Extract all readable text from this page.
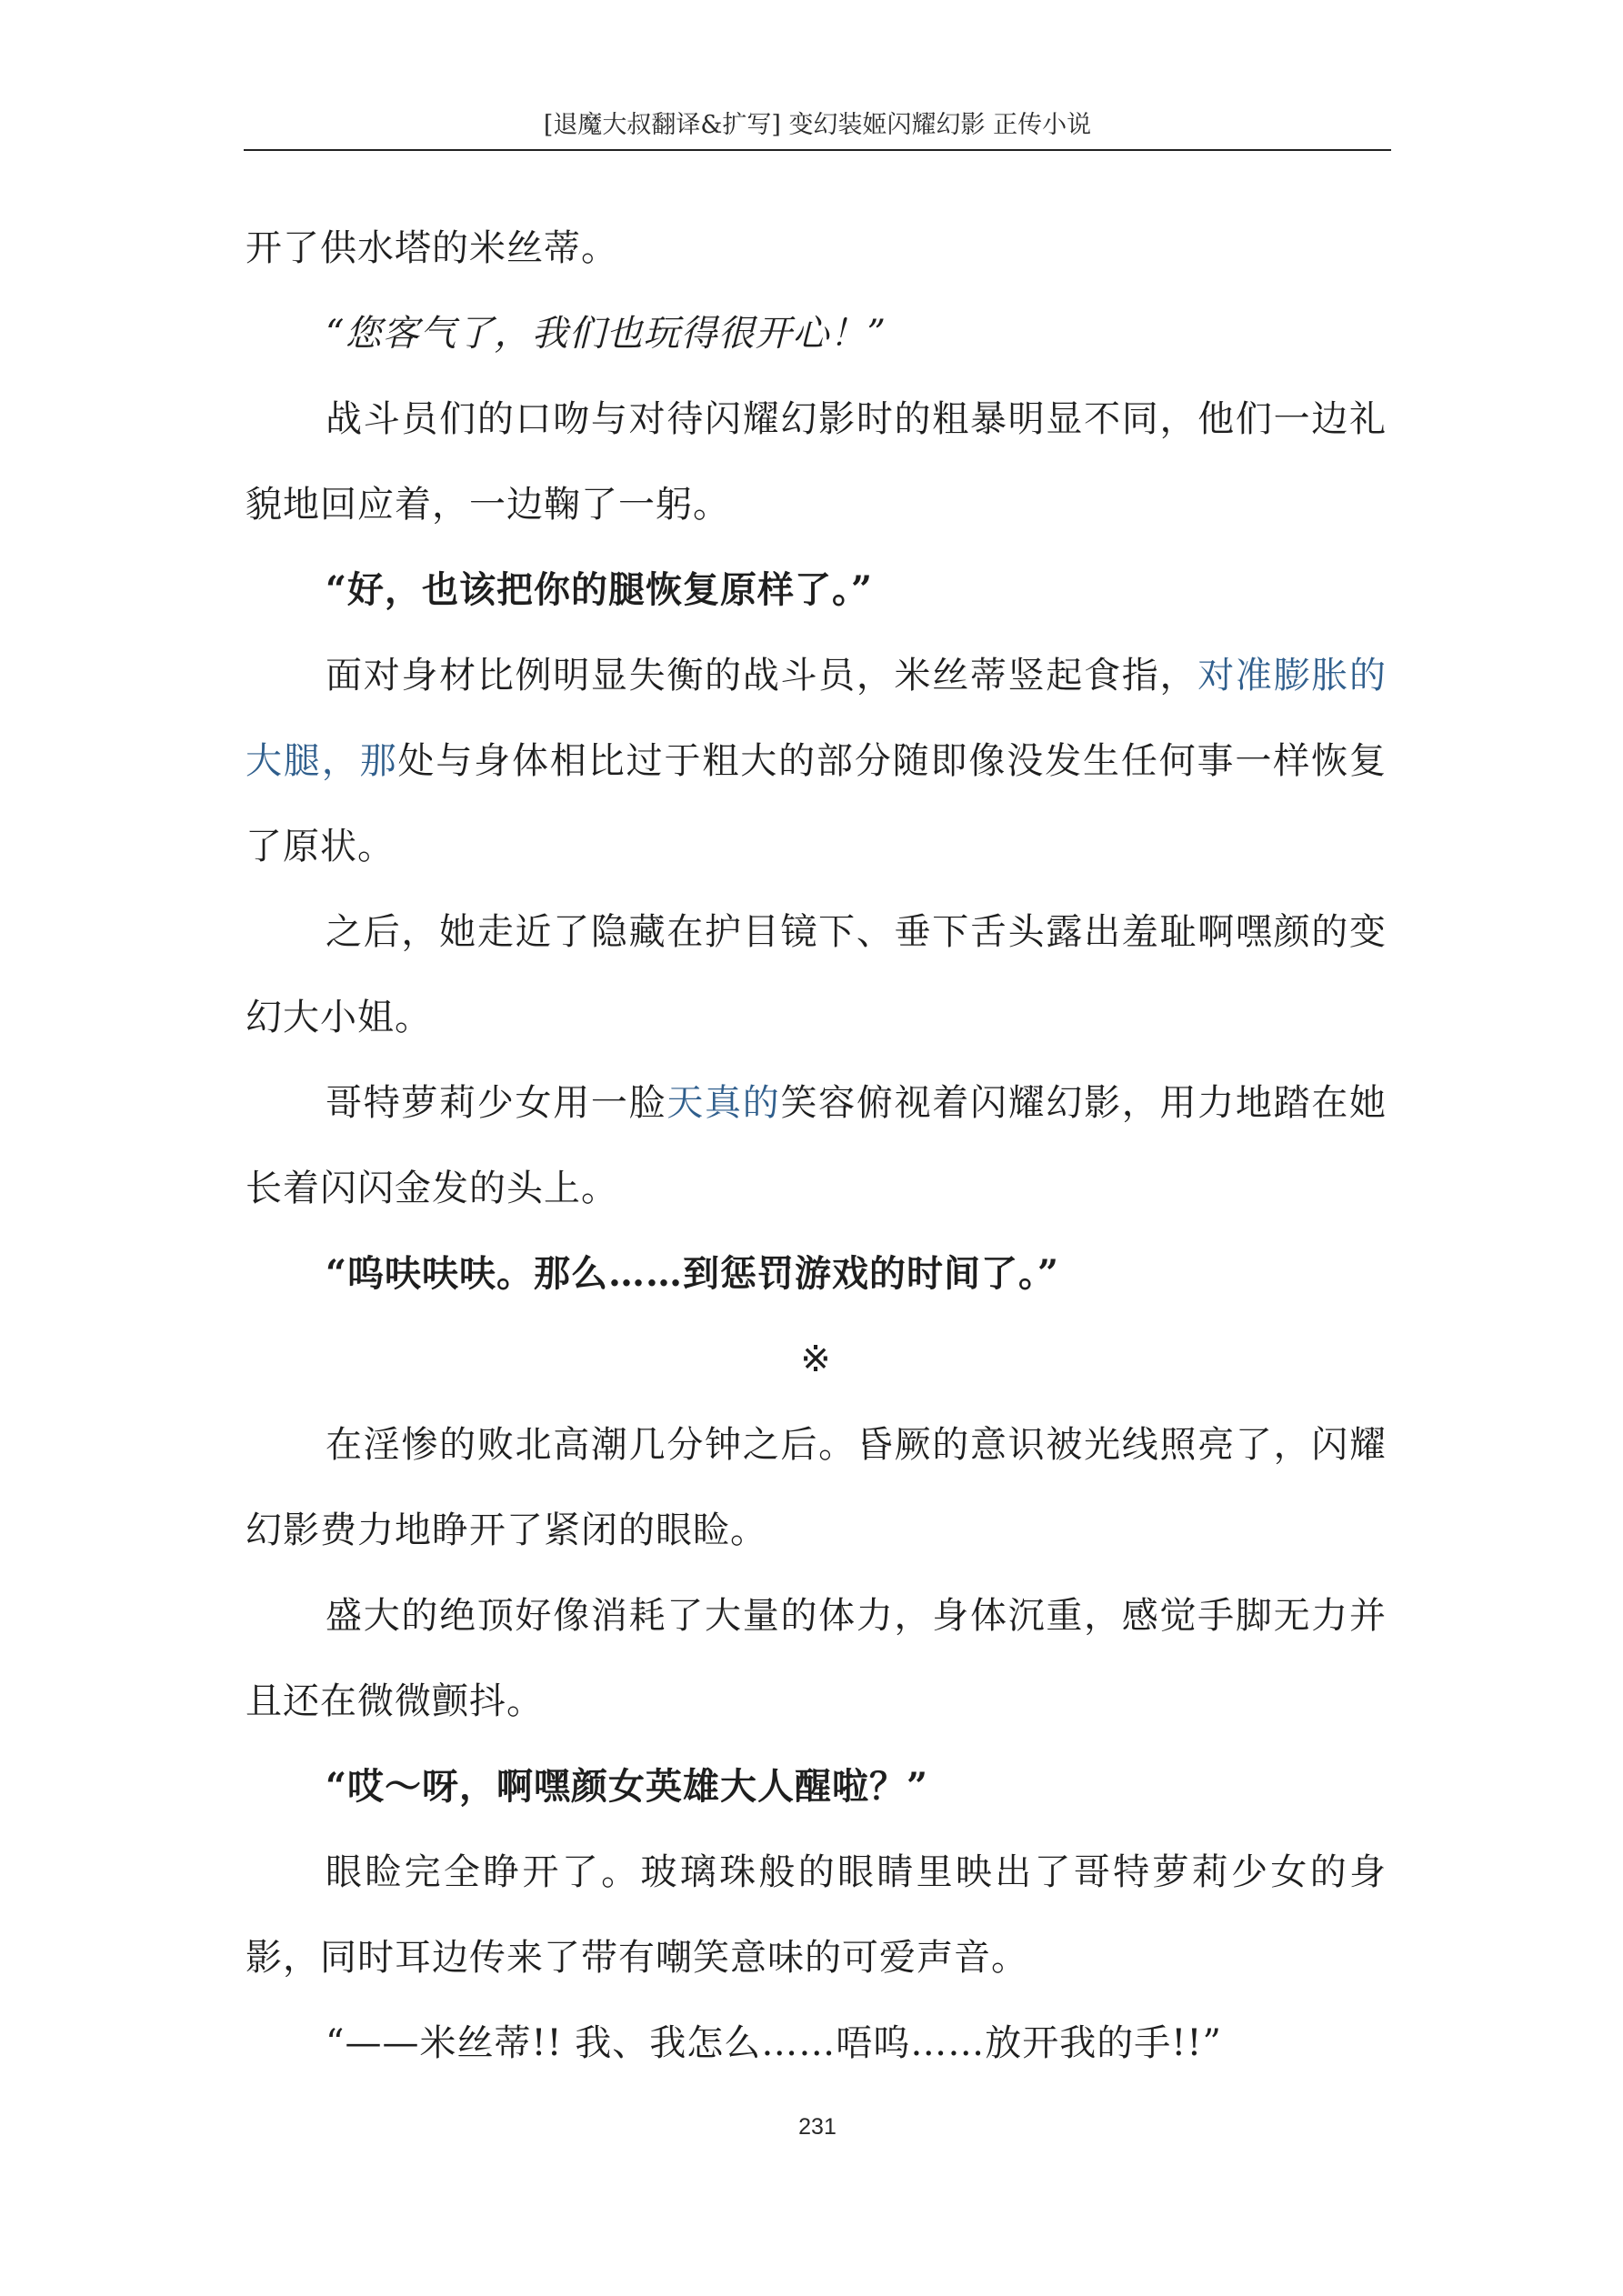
[退魔大叔翻译&扩写] 变幻装姬闪耀幻影 正传小说

开了供水塔的米丝蒂。

“您客气了，我们也玩得很开心！”

战斗员们的口吻与对待闪耀幻影时的粗暴明显不同，他们一边礼貌地回应着，一边鞠了一躬。

“好，也该把你的腿恢复原样了。”

面对身材比例明显失衡的战斗员，米丝蒂竖起食指，对准膨胀的大腿，那处与身体相比过于粗大的部分随即像没发生任何事一样恢复了原状。

之后，她走近了隐藏在护目镜下、垂下舌头露出羞耻啊嘿颜的变幻大小姐。

哥特萝莉少女用一脸天真的笑容俯视着闪耀幻影，用力地踏在她长着闪闪金发的头上。

“呜呋呋呋。那么……到惩罚游戏的时间了。”

※

在淫惨的败北高潮几分钟之后。昏厥的意识被光线照亮了，闪耀幻影费力地睁开了紧闭的眼睑。

盛大的绝顶好像消耗了大量的体力，身体沉重，感觉手脚无力并且还在微微颤抖。

“哎～呀，啊嘿颜女英雄大人醒啦？”

眼睑完全睁开了。玻璃珠般的眼睛里映出了哥特萝莉少女的身影，同时耳边传来了带有嘲笑意味的可爱声音。

“——米丝蒂!! 我、我怎么……唔呜……放开我的手!!”

231
